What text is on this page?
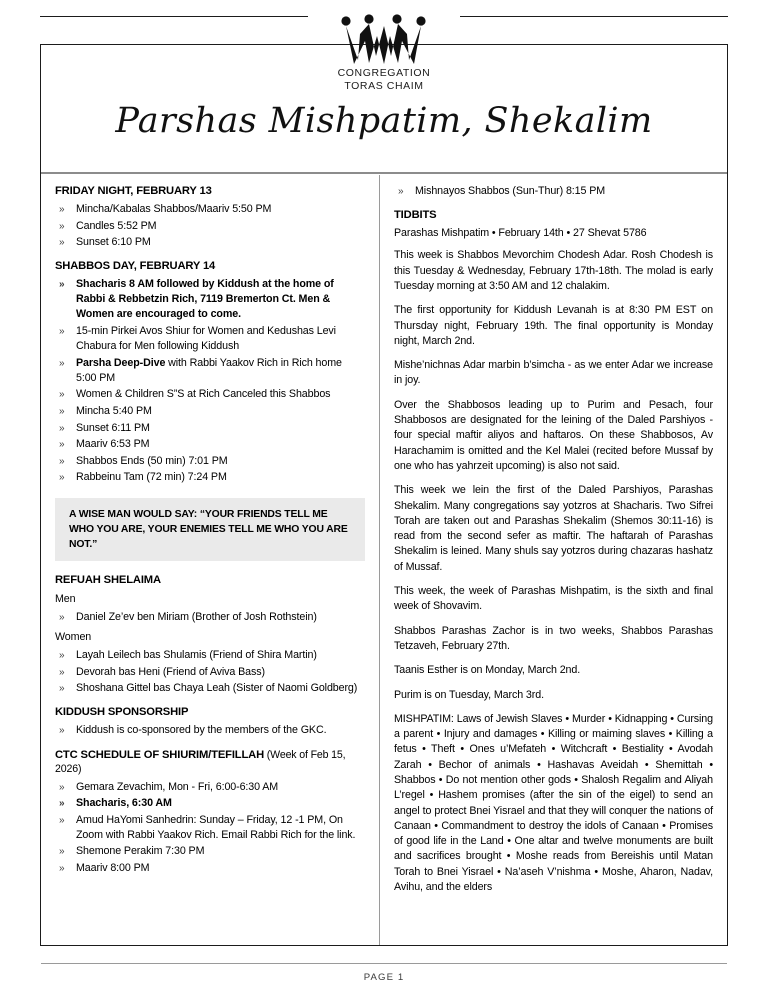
CONGREGATION
TORAS CHAIM
Parshas Mishpatim, Shekalim
FRIDAY NIGHT, FEBRUARY 13
» Mincha/Kabalas Shabbos/Maariv 5:50 PM
» Candles 5:52 PM
» Sunset 6:10 PM
SHABBOS DAY, FEBRUARY 14
» Shacharis 8 AM followed by Kiddush at the home of Rabbi & Rebbetzin Rich, 7119 Bremerton Ct. Men & Women are encouraged to come.
» 15-min Pirkei Avos Shiur for Women and Kedushas Levi Chabura for Men following Kiddush
» Parsha Deep-Dive with Rabbi Yaakov Rich in Rich home 5:00 PM
» Women & Children S”S at Rich Canceled this Shabbos
» Mincha 5:40 PM
» Sunset 6:11 PM
» Maariv 6:53 PM
» Shabbos Ends (50 min) 7:01 PM
» Rabbeinu Tam (72 min) 7:24 PM
A WISE MAN WOULD SAY: “YOUR FRIENDS TELL ME WHO YOU ARE, YOUR ENEMIES TELL ME WHO YOU ARE NOT.”
REFUAH SHELAIMA
Men
» Daniel Ze’ev ben Miriam (Brother of Josh Rothstein)
Women
» Layah Leilech bas Shulamis (Friend of Shira Martin)
» Devorah bas Heni (Friend of Aviva Bass)
» Shoshana Gittel bas Chaya Leah (Sister of Naomi Goldberg)
KIDDUSH SPONSORSHIP
» Kiddush is co-sponsored by the members of the GKC.
CTC SCHEDULE OF SHIURIM/TEFILLAH (Week of Feb 15, 2026)
» Gemara Zevachim, Mon - Fri, 6:00-6:30 AM
» Shacharis, 6:30 AM
» Amud HaYomi Sanhedrin: Sunday – Friday, 12 -1 PM, On Zoom with Rabbi Yaakov Rich. Email Rabbi Rich for the link.
» Shemone Perakim 7:30 PM
» Maariv 8:00 PM
» Mishnayos Shabbos (Sun-Thur) 8:15 PM
TIDBITS
Parashas Mishpatim • February 14th • 27 Shevat 5786
This week is Shabbos Mevorchim Chodesh Adar. Rosh Chodesh is this Tuesday & Wednesday, February 17th-18th. The molad is early Tuesday morning at 3:50 AM and 12 chalakim.
The first opportunity for Kiddush Levanah is at 8:30 PM EST on Thursday night, February 19th. The final opportunity is Monday night, March 2nd.
Mishe’nichnas Adar marbin b’simcha - as we enter Adar we increase in joy.
Over the Shabbosos leading up to Purim and Pesach, four Shabbosos are designated for the leining of the Daled Parshiyos - four special maftir aliyos and haftaros. On these Shabbosos, Av Harachamim is omitted and the Kel Malei (recited before Mussaf by one who has yahrzeit upcoming) is also not said.
This week we lein the first of the Daled Parshiyos, Parashas Shekalim. Many congregations say yotzros at Shacharis. Two Sifrei Torah are taken out and Parashas Shekalim (Shemos 30:11-16) is read from the second sefer as maftir. The haftarah of Parashas Shekalim is leined. Many shuls say yotzros during chazaras hashatz of Mussaf.
This week, the week of Parashas Mishpatim, is the sixth and final week of Shovavim.
Shabbos Parashas Zachor is in two weeks, Shabbos Parashas Tetzaveh, February 27th.
Taanis Esther is on Monday, March 2nd.
Purim is on Tuesday, March 3rd.
MISHPATIM: Laws of Jewish Slaves • Murder • Kidnapping • Cursing a parent • Injury and damages • Killing or maiming slaves • Killing a fetus • Theft • Ones u’Mefateh • Witchcraft • Bestiality • Avodah Zarah • Bechor of animals • Hashavas Aveidah • Shemittah • Shabbos • Do not mention other gods • Shalosh Regalim and Aliyah L’regel • Hashem promises (after the sin of the eigel) to send an angel to protect Bnei Yisrael and that they will conquer the nations of Canaan • Commandment to destroy the idols of Canaan • Promises of good life in the Land • One altar and twelve monuments are built and sacrifices brought • Moshe reads from Bereishis until Matan Torah to Bnei Yisrael • Na’aseh V’nishma • Moshe, Aharon, Nadav, Avihu, and the elders
PAGE 1
